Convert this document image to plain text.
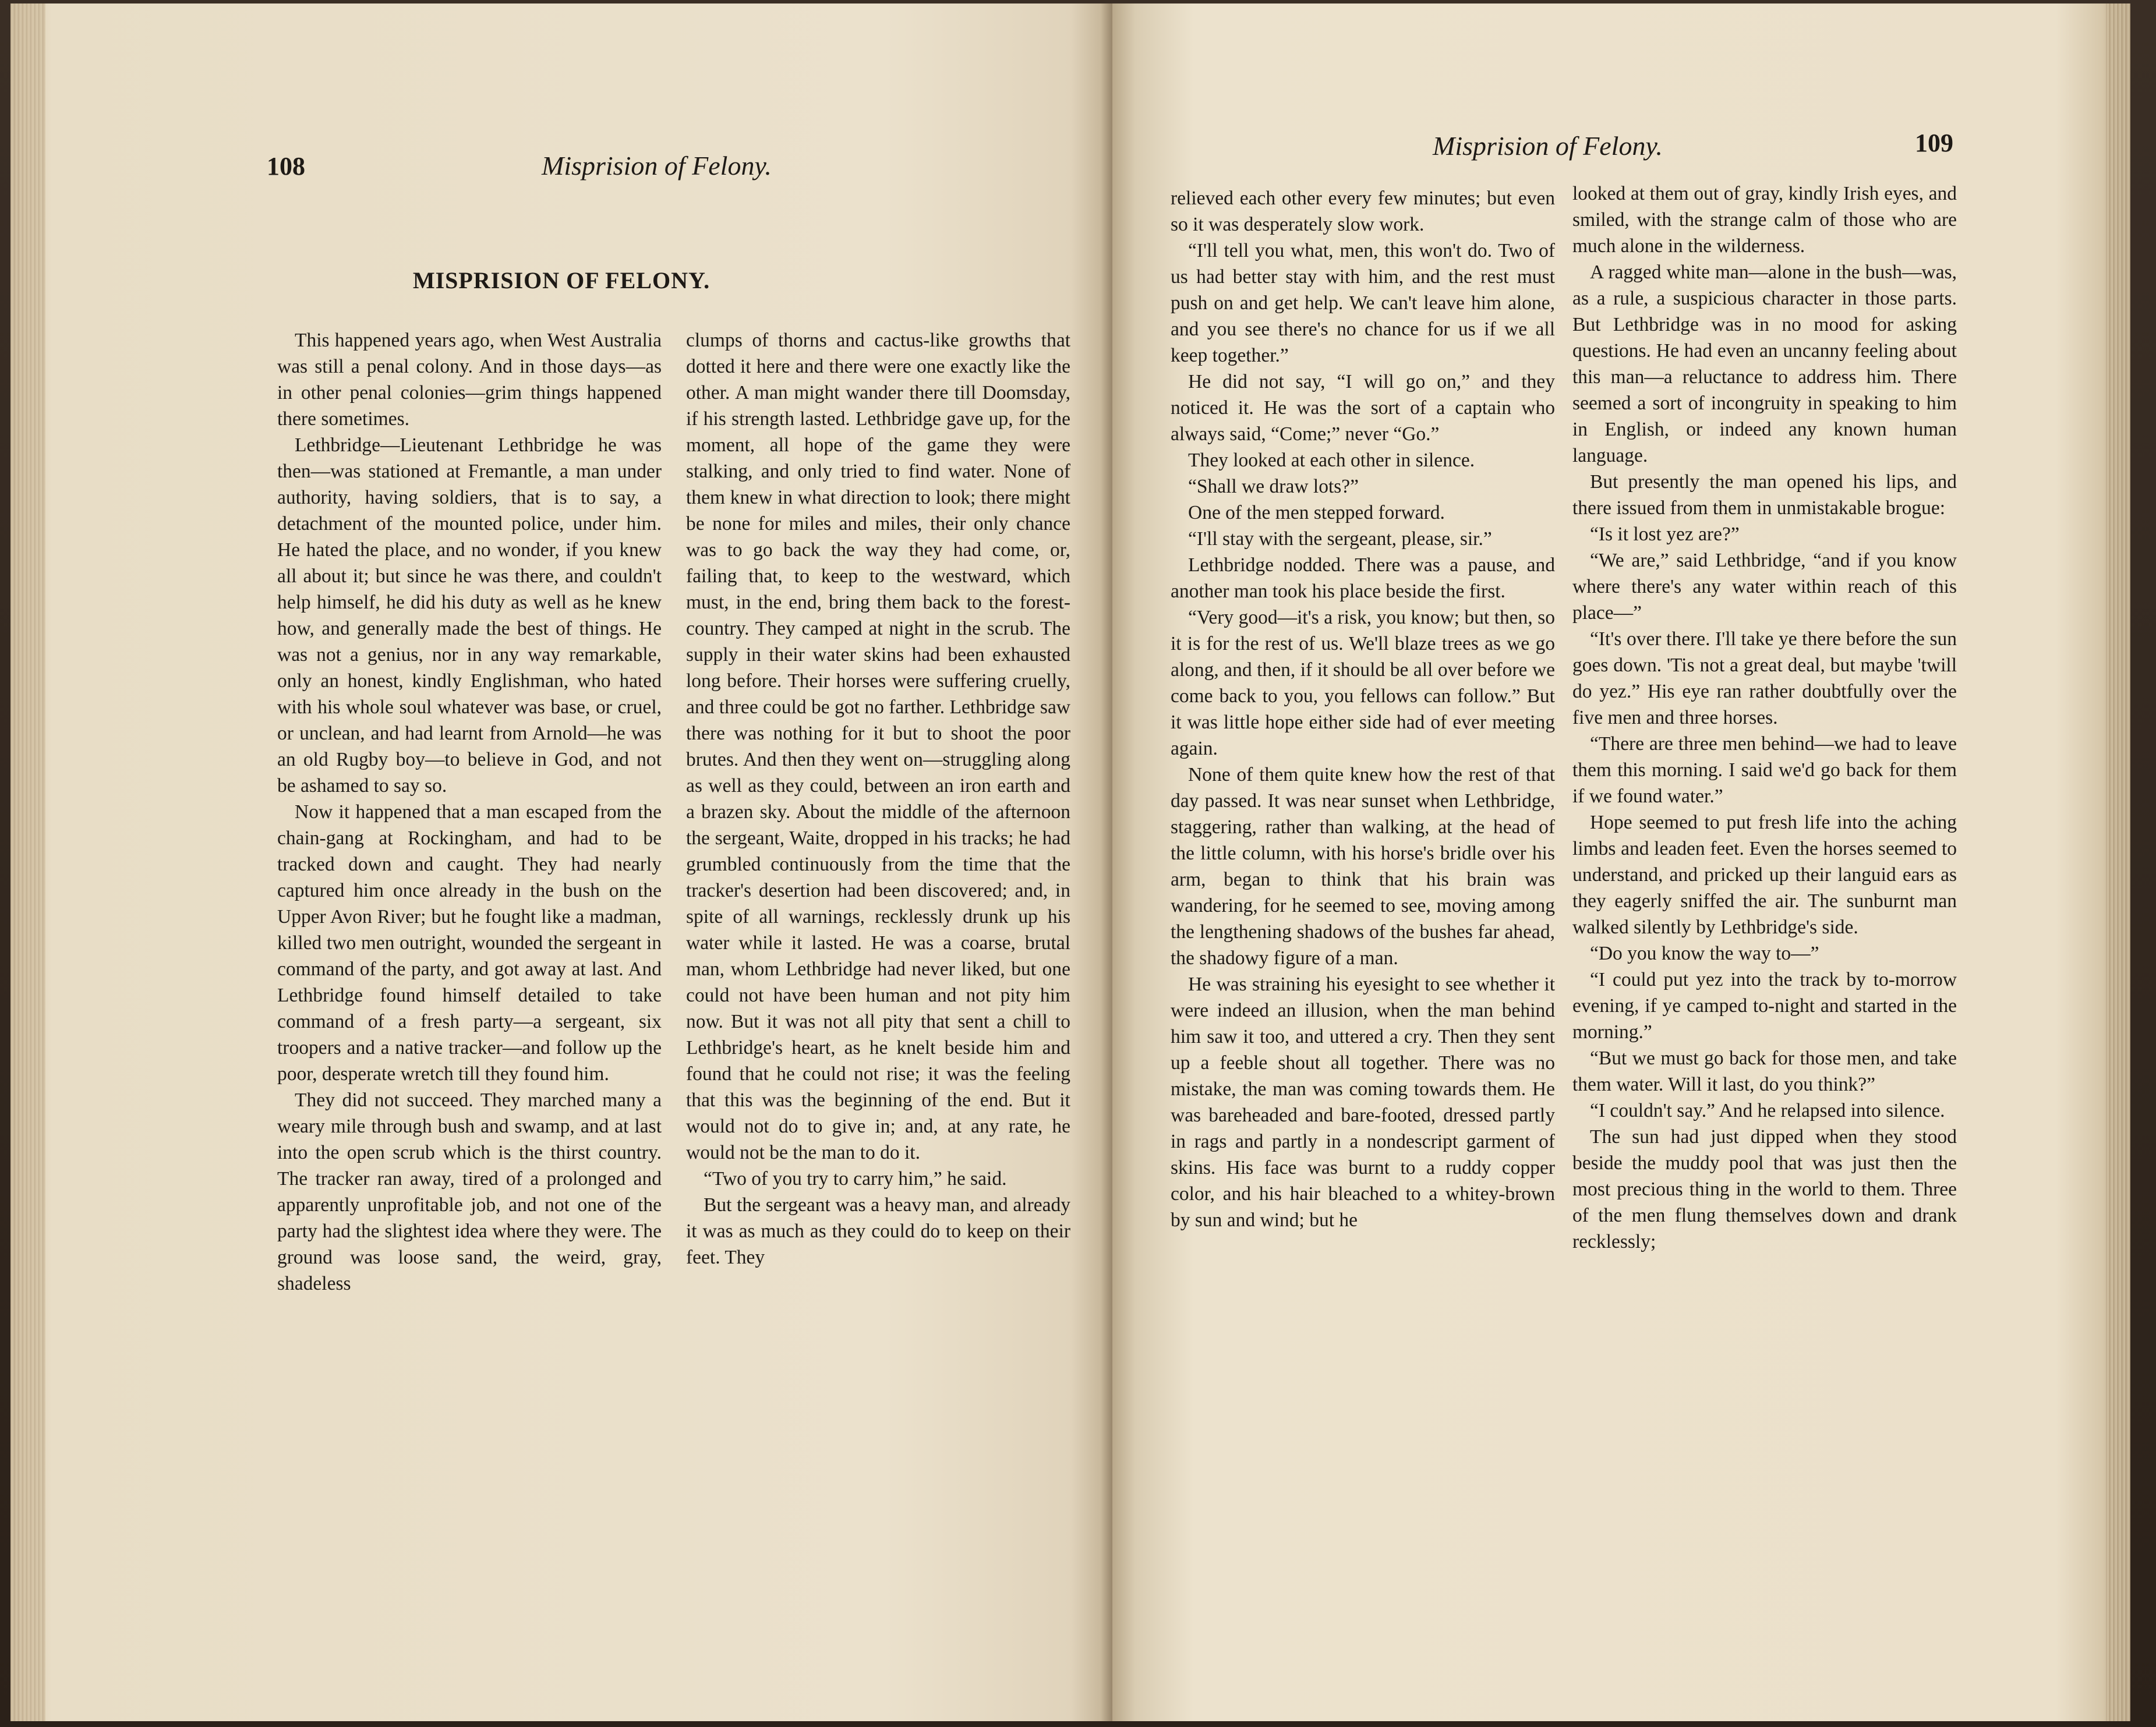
108	Misprision of Felony.
MISPRISION OF FELONY.

This happened years ago, when West Australia was still a penal colony. And in those days—as in other penal colonies—grim things happened there sometimes.

Lethbridge—Lieutenant Lethbridge he was then—was stationed at Fremantle, a man under authority, having soldiers, that is to say, a detachment of the mounted police, under him. He hated the place, and no wonder, if you knew all about it; but since he was there, and couldn't help himself, he did his duty as well as he knew how, and generally made the best of things. He was not a genius, nor in any way remarkable, only an honest, kindly Englishman, who hated with his whole soul whatever was base, or cruel, or unclean, and had learnt from Arnold—he was an old Rugby boy—to believe in God, and not be ashamed to say so.

Now it happened that a man escaped from the chain-gang at Rockingham, and had to be tracked down and caught. They had nearly captured him once already in the bush on the Upper Avon River; but he fought like a madman, killed two men outright, wounded the sergeant in command of the party, and got away at last. And Lethbridge found himself detailed to take command of a fresh party—a sergeant, six troopers and a native tracker—and follow up the poor, desperate wretch till they found him.

They did not succeed. They marched many a weary mile through bush and swamp, and at last into the open scrub which is the thirst country. The tracker ran away, tired of a prolonged and apparently unprofitable job, and not one of the party had the slightest idea where they were. The ground was loose sand, the weird, gray, shadeless

clumps of thorns and cactus-like growths that dotted it here and there were one exactly like the other. A man might wander there till Doomsday, if his strength lasted. Lethbridge gave up, for the moment, all hope of the game they were stalking, and only tried to find water. None of them knew in what direction to look; there might be none for miles and miles, their only chance was to go back the way they had come, or, failing that, to keep to the westward, which must, in the end, bring them back to the forest-country. They camped at night in the scrub. The supply in their water skins had been exhausted long before. Their horses were suffering cruelly, and three could be got no farther. Lethbridge saw there was nothing for it but to shoot the poor brutes. And then they went on—struggling along as well as they could, between an iron earth and a brazen sky. About the middle of the afternoon the sergeant, Waite, dropped in his tracks; he had grumbled continuously from the time that the tracker's desertion had been discovered; and, in spite of all warnings, recklessly drunk up his water while it lasted. He was a coarse, brutal man, whom Lethbridge had never liked, but one could not have been human and not pity him now. But it was not all pity that sent a chill to Lethbridge's heart, as he knelt beside him and found that he could not rise; it was the feeling that this was the beginning of the end. But it would not do to give in; and, at any rate, he would not be the man to do it.

“Two of you try to carry him,” he said.

But the sergeant was a heavy man, and already it was as much as they could do to keep on their feet. They

Misprision of Felony.	109

relieved each other every few minutes; but even so it was desperately slow work.

“I'll tell you what, men, this won't do. Two of us had better stay with him, and the rest must push on and get help. We can't leave him alone, and you see there's no chance for us if we all keep together.”

He did not say, “I will go on,” and they noticed it. He was the sort of a captain who always said, “Come;” never “Go.”

They looked at each other in silence.

“Shall we draw lots?”

One of the men stepped forward.

“I'll stay with the sergeant, please, sir.”

Lethbridge nodded. There was a pause, and another man took his place beside the first.

“Very good—it's a risk, you know; but then, so it is for the rest of us. We'll blaze trees as we go along, and then, if it should be all over before we come back to you, you fellows can follow.” But it was little hope either side had of ever meeting again.

None of them quite knew how the rest of that day passed. It was near sunset when Lethbridge, staggering, rather than walking, at the head of the little column, with his horse's bridle over his arm, began to think that his brain was wandering, for he seemed to see, moving among the lengthening shadows of the bushes far ahead, the shadowy figure of a man.

He was straining his eyesight to see whether it were indeed an illusion, when the man behind him saw it too, and uttered a cry. Then they sent up a feeble shout all together. There was no mistake, the man was coming towards them. He was bareheaded and bare-footed, dressed partly in rags and partly in a nondescript garment of skins. His face was burnt to a ruddy copper color, and his hair bleached to a whitey-brown by sun and wind; but he

looked at them out of gray, kindly Irish eyes, and smiled, with the strange calm of those who are much alone in the wilderness.

A ragged white man—alone in the bush—was, as a rule, a suspicious character in those parts. But Lethbridge was in no mood for asking questions. He had even an uncanny feeling about this man—a reluctance to address him. There seemed a sort of incongruity in speaking to him in English, or indeed any known human language.

But presently the man opened his lips, and there issued from them in unmistakable brogue:

“Is it lost yez are?”

“We are,” said Lethbridge, “and if you know where there's any water within reach of this place—”

“It's over there. I'll take ye there before the sun goes down. 'Tis not a great deal, but maybe 'twill do yez.” His eye ran rather doubtfully over the five men and three horses.

“There are three men behind—we had to leave them this morning. I said we'd go back for them if we found water.”

Hope seemed to put fresh life into the aching limbs and leaden feet. Even the horses seemed to understand, and pricked up their languid ears as they eagerly sniffed the air. The sunburnt man walked silently by Lethbridge's side.

“Do you know the way to—”

“I could put yez into the track by to-morrow evening, if ye camped to-night and started in the morning.”

“But we must go back for those men, and take them water. Will it last, do you think?”

“I couldn't say.” And he relapsed into silence.

The sun had just dipped when they stood beside the muddy pool that was just then the most precious thing in the world to them. Three of the men flung themselves down and drank recklessly;
